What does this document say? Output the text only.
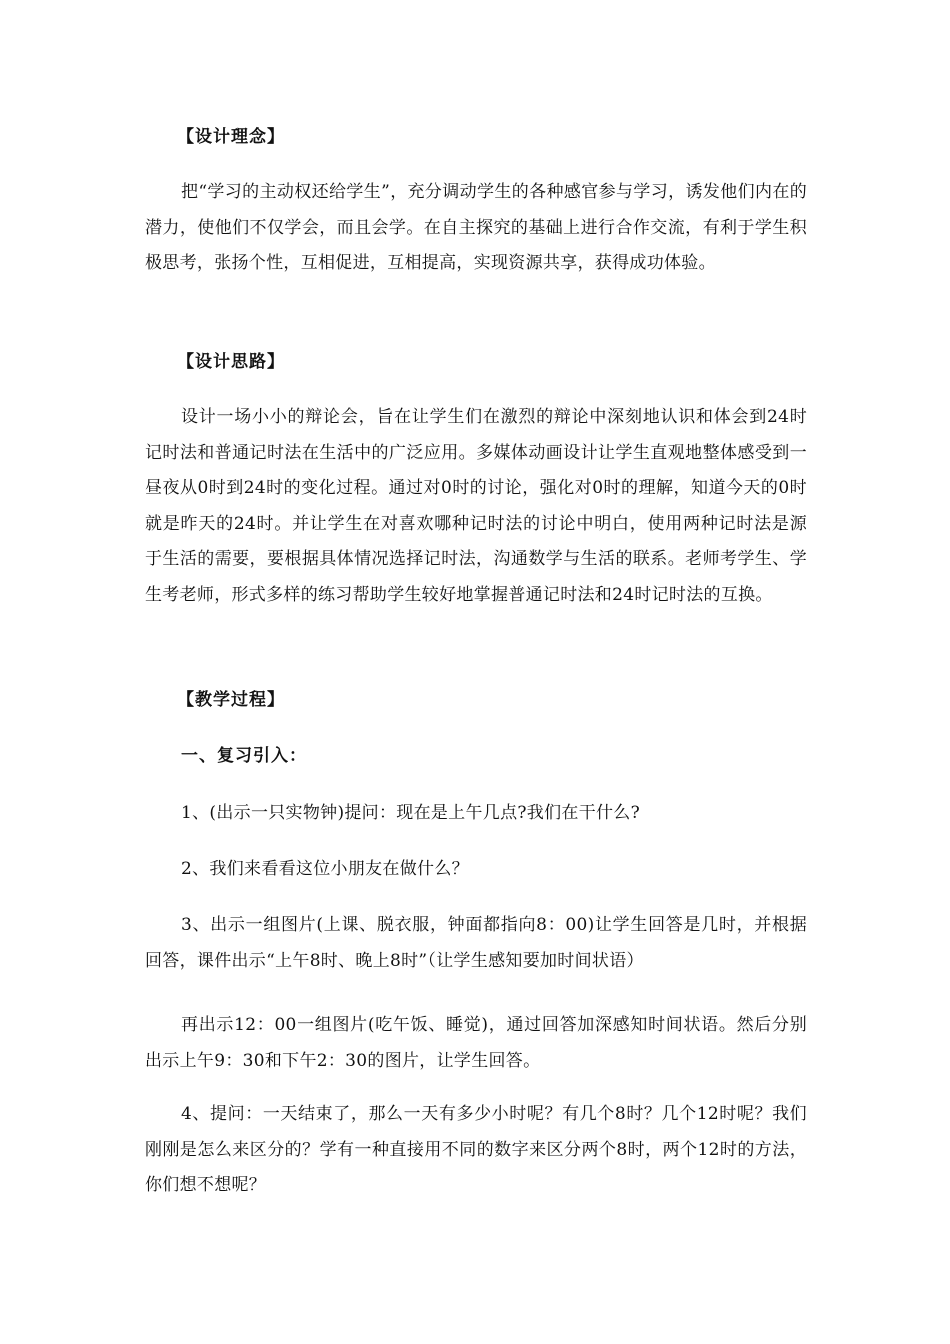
【设计理念】

把“学习的主动权还给学生”，充分调动学生的各种感官参与学习，诱发他们内在的潜力，使他们不仅学会，而且会学。在自主探究的基础上进行合作交流，有利于学生积极思考，张扬个性，互相促进，互相提高，实现资源共享，获得成功体验。

【设计思路】

设计一场小小的辩论会，旨在让学生们在激烈的辩论中深刻地认识和体会到24时记时法和普通记时法在生活中的广泛应用。多媒体动画设计让学生直观地整体感受到一昼夜从0时到24时的变化过程。通过对0时的讨论，强化对0时的理解，知道今天的0时就是昨天的24时。并让学生在对喜欢哪种记时法的讨论中明白，使用两种记时法是源于生活的需要，要根据具体情况选择记时法，沟通数学与生活的联系。老师考学生、学生考老师，形式多样的练习帮助学生较好地掌握普通记时法和24时记时法的互换。

【教学过程】

一、复习引入：

1、(出示一只实物钟)提问：现在是上午几点?我们在干什么?

2、我们来看看这位小朋友在做什么？

3、出示一组图片(上课、脱衣服，钟面都指向8：00)让学生回答是几时，并根据回答，课件出示“上午8时、晚上8时”（让学生感知要加时间状语）

再出示12：00一组图片(吃午饭、睡觉)，通过回答加深感知时间状语。然后分别出示上午9：30和下午2：30的图片，让学生回答。

4、提问：一天结束了，那么一天有多少小时呢？有几个8时？几个12时呢？我们刚刚是怎么来区分的？学有一种直接用不同的数字来区分两个8时，两个12时的方法，你们想不想呢？
